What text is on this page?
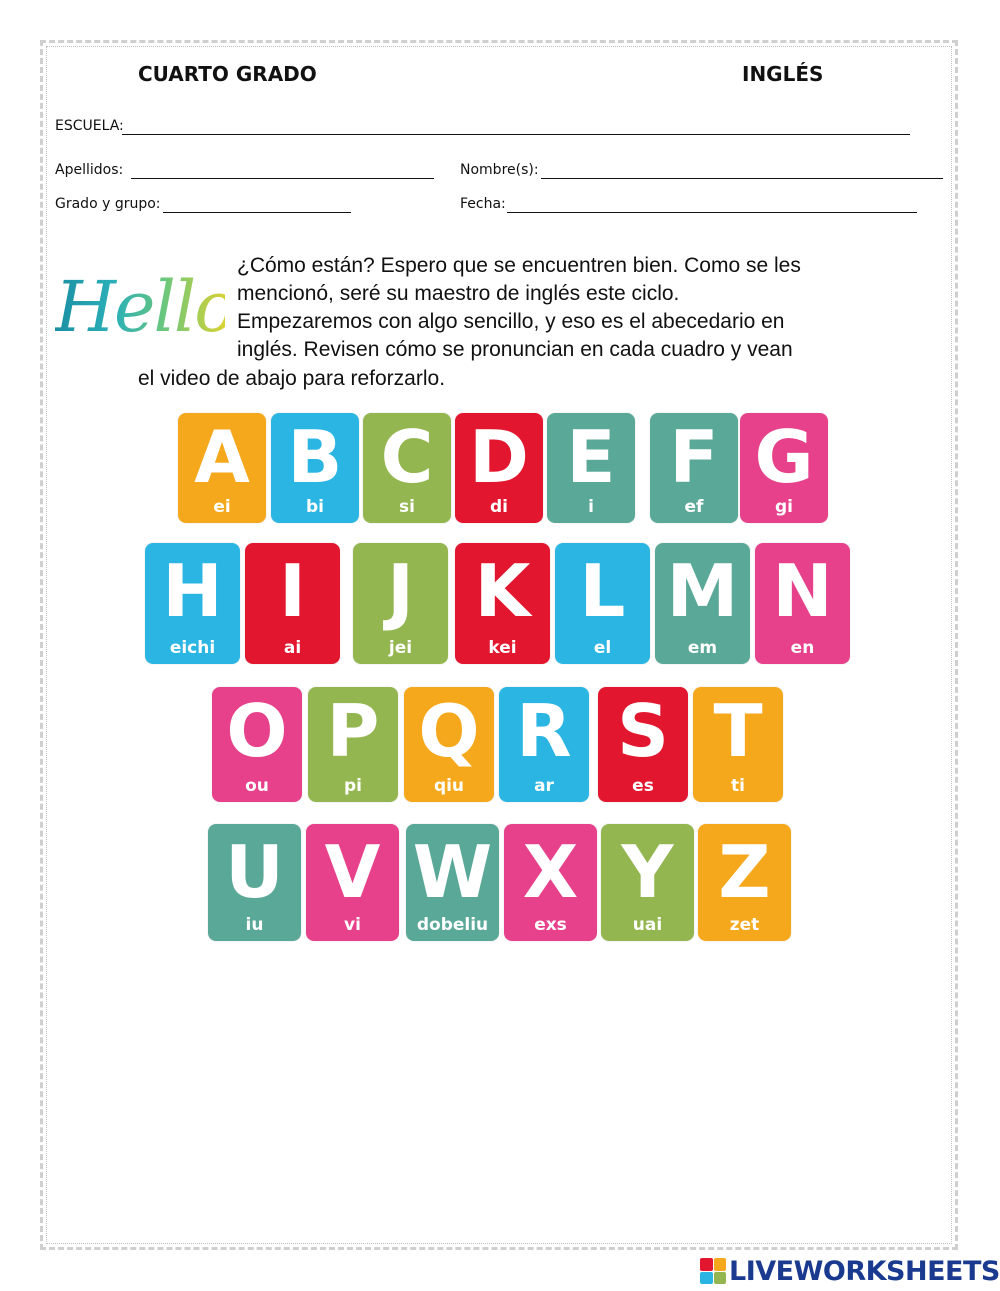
CUARTO GRADO	INGLÉS
ESCUELA:
Apellidos:	Nombre(s):
Grado y grupo:	Fecha:
Hello.
¿Cómo están? Espero que se encuentren bien. Como se les
mencionó, seré su maestro de inglés este ciclo.
Empezaremos con algo sencillo, y eso es el abecedario en
inglés. Revisen cómo se pronuncian en cada cuadro y vean
el video de abajo para reforzarlo.
A
ei
B
bi
C
si
D
di
E
i
F
ef
G
gi
H
eichi
I
ai
J
jei
K
kei
L
el
M
em
N
en
O
ou
P
pi
Q
qiu
R
ar
S
es
T
ti
U
iu
V
vi
W
dobeliu
X
exs
Y
uai
Z
zet
LIVEWORKSHEETS
